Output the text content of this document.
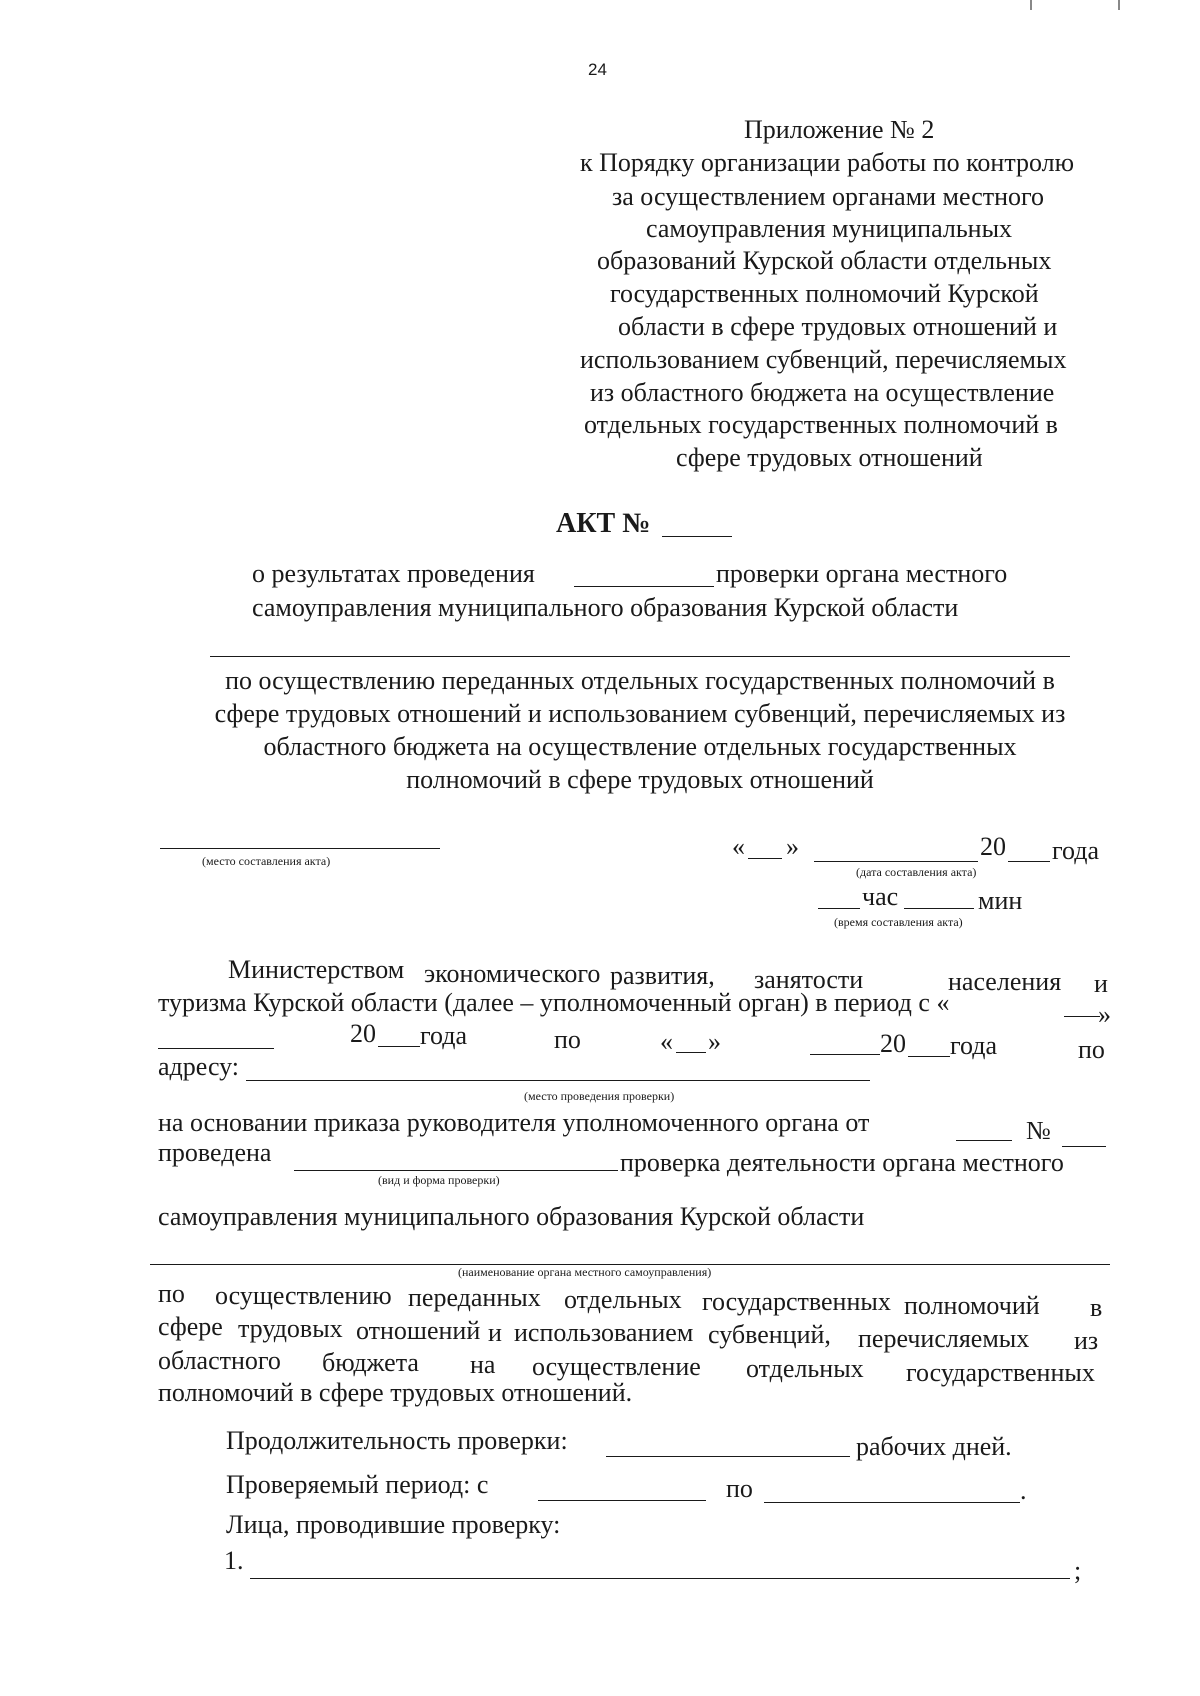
24
Приложение № 2
к Порядку организации работы по контролю
за осуществлением органами местного
самоуправления муниципальных
образований Курской области отдельных
государственных полномочий Курской
области в сфере трудовых отношений и
использованием субвенций, перечисляемых
из областного бюджета на осуществление
отдельных государственных полномочий в
сфере трудовых отношений
АКТ №
о результатах проведения	проверки органа местного
самоуправления муниципального образования Курской области
по осуществлению переданных отдельных государственных полномочий в
сфере трудовых отношений и использованием субвенций, перечисляемых из
областного бюджета на осуществление отдельных государственных
полномочий в сфере трудовых отношений
(место составления акта)	« »	20 года
(дата составления акта)
час	мин
(время составления акта)
Министерством экономического развития, занятости	населения и
туризма Курской области (далее – уполномоченный орган) в период с «	»
20 года	по	« »	20 года	по
адресу:
(место проведения проверки)
на основании приказа руководителя уполномоченного органа от	№
проведена	проверка деятельности органа местного
(вид и форма проверки)
самоуправления муниципального образования Курской области
(наименование органа местного самоуправления)
по осуществлению переданных отдельных государственных полномочий в
сфере трудовых отношений и использованием субвенций, перечисляемых из
областного бюджета на осуществление отдельных государственных
полномочий в сфере трудовых отношений.
Продолжительность проверки:	рабочих дней.
Проверяемый период: с	по	.
Лица, проводившие проверку:
1.	;
